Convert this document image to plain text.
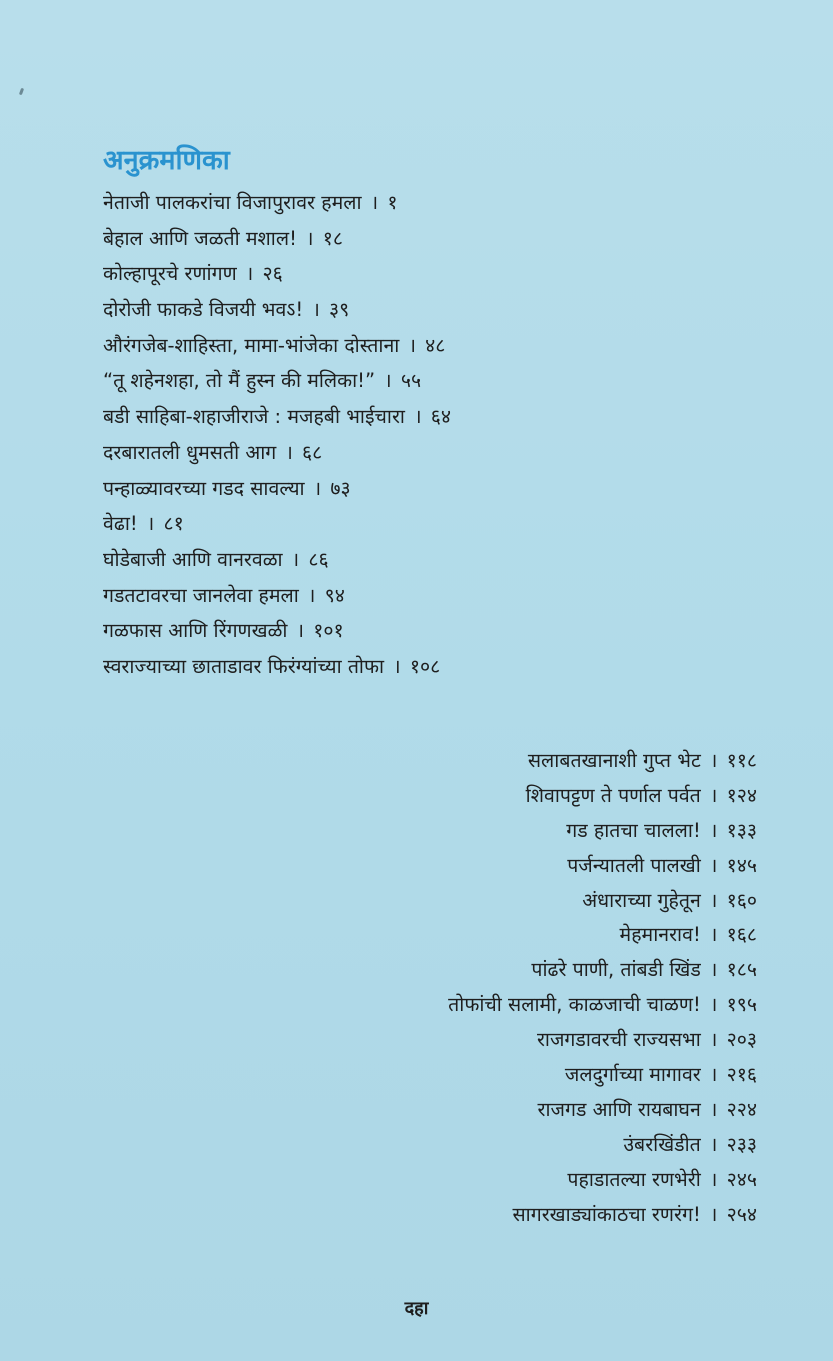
अनुक्रमणिका
नेताजी पालकरांचा विजापुरावर हमला । १
बेहाल आणि जळती मशाल! । १८
कोल्हापूरचे रणांगण । २६
दोरोजी फाकडे विजयी भवऽ! । ३९
औरंगजेब-शाहिस्ता, मामा-भांजेका दोस्ताना । ४८
“तू शहेनशहा, तो मैं हुस्न की मलिका!” । ५५
बडी साहिबा-शहाजीराजे : मजहबी भाईचारा । ६४
दरबारातली धुमसती आग । ६८
पन्हाळ्यावरच्या गडद सावल्या । ७३
वेढा! । ८१
घोडेबाजी आणि वानरवळा । ८६
गडतटावरचा जानलेवा हमला । ९४
गळफास आणि रिंगणखळी । १०१
स्वराज्याच्या छाताडावर फिरंग्यांच्या तोफा । १०८
सलाबतखानाशी गुप्त भेट । ११८
शिवापट्टण ते पर्णाल पर्वत । १२४
गड हातचा चालला! । १३३
पर्जन्यातली पालखी । १४५
अंधाराच्या गुहेतून । १६०
मेहमानराव! । १६८
पांढरे पाणी, तांबडी खिंड । १८५
तोफांची सलामी, काळजाची चाळण! । १९५
राजगडावरची राज्यसभा । २०३
जलदुर्गाच्या मागावर । २१६
राजगड आणि रायबाघन । २२४
उंबरखिंडीत । २३३
पहाडातल्या रणभेरी । २४५
सागरखाड्यांकाठचा रणरंग! । २५४
दहा
